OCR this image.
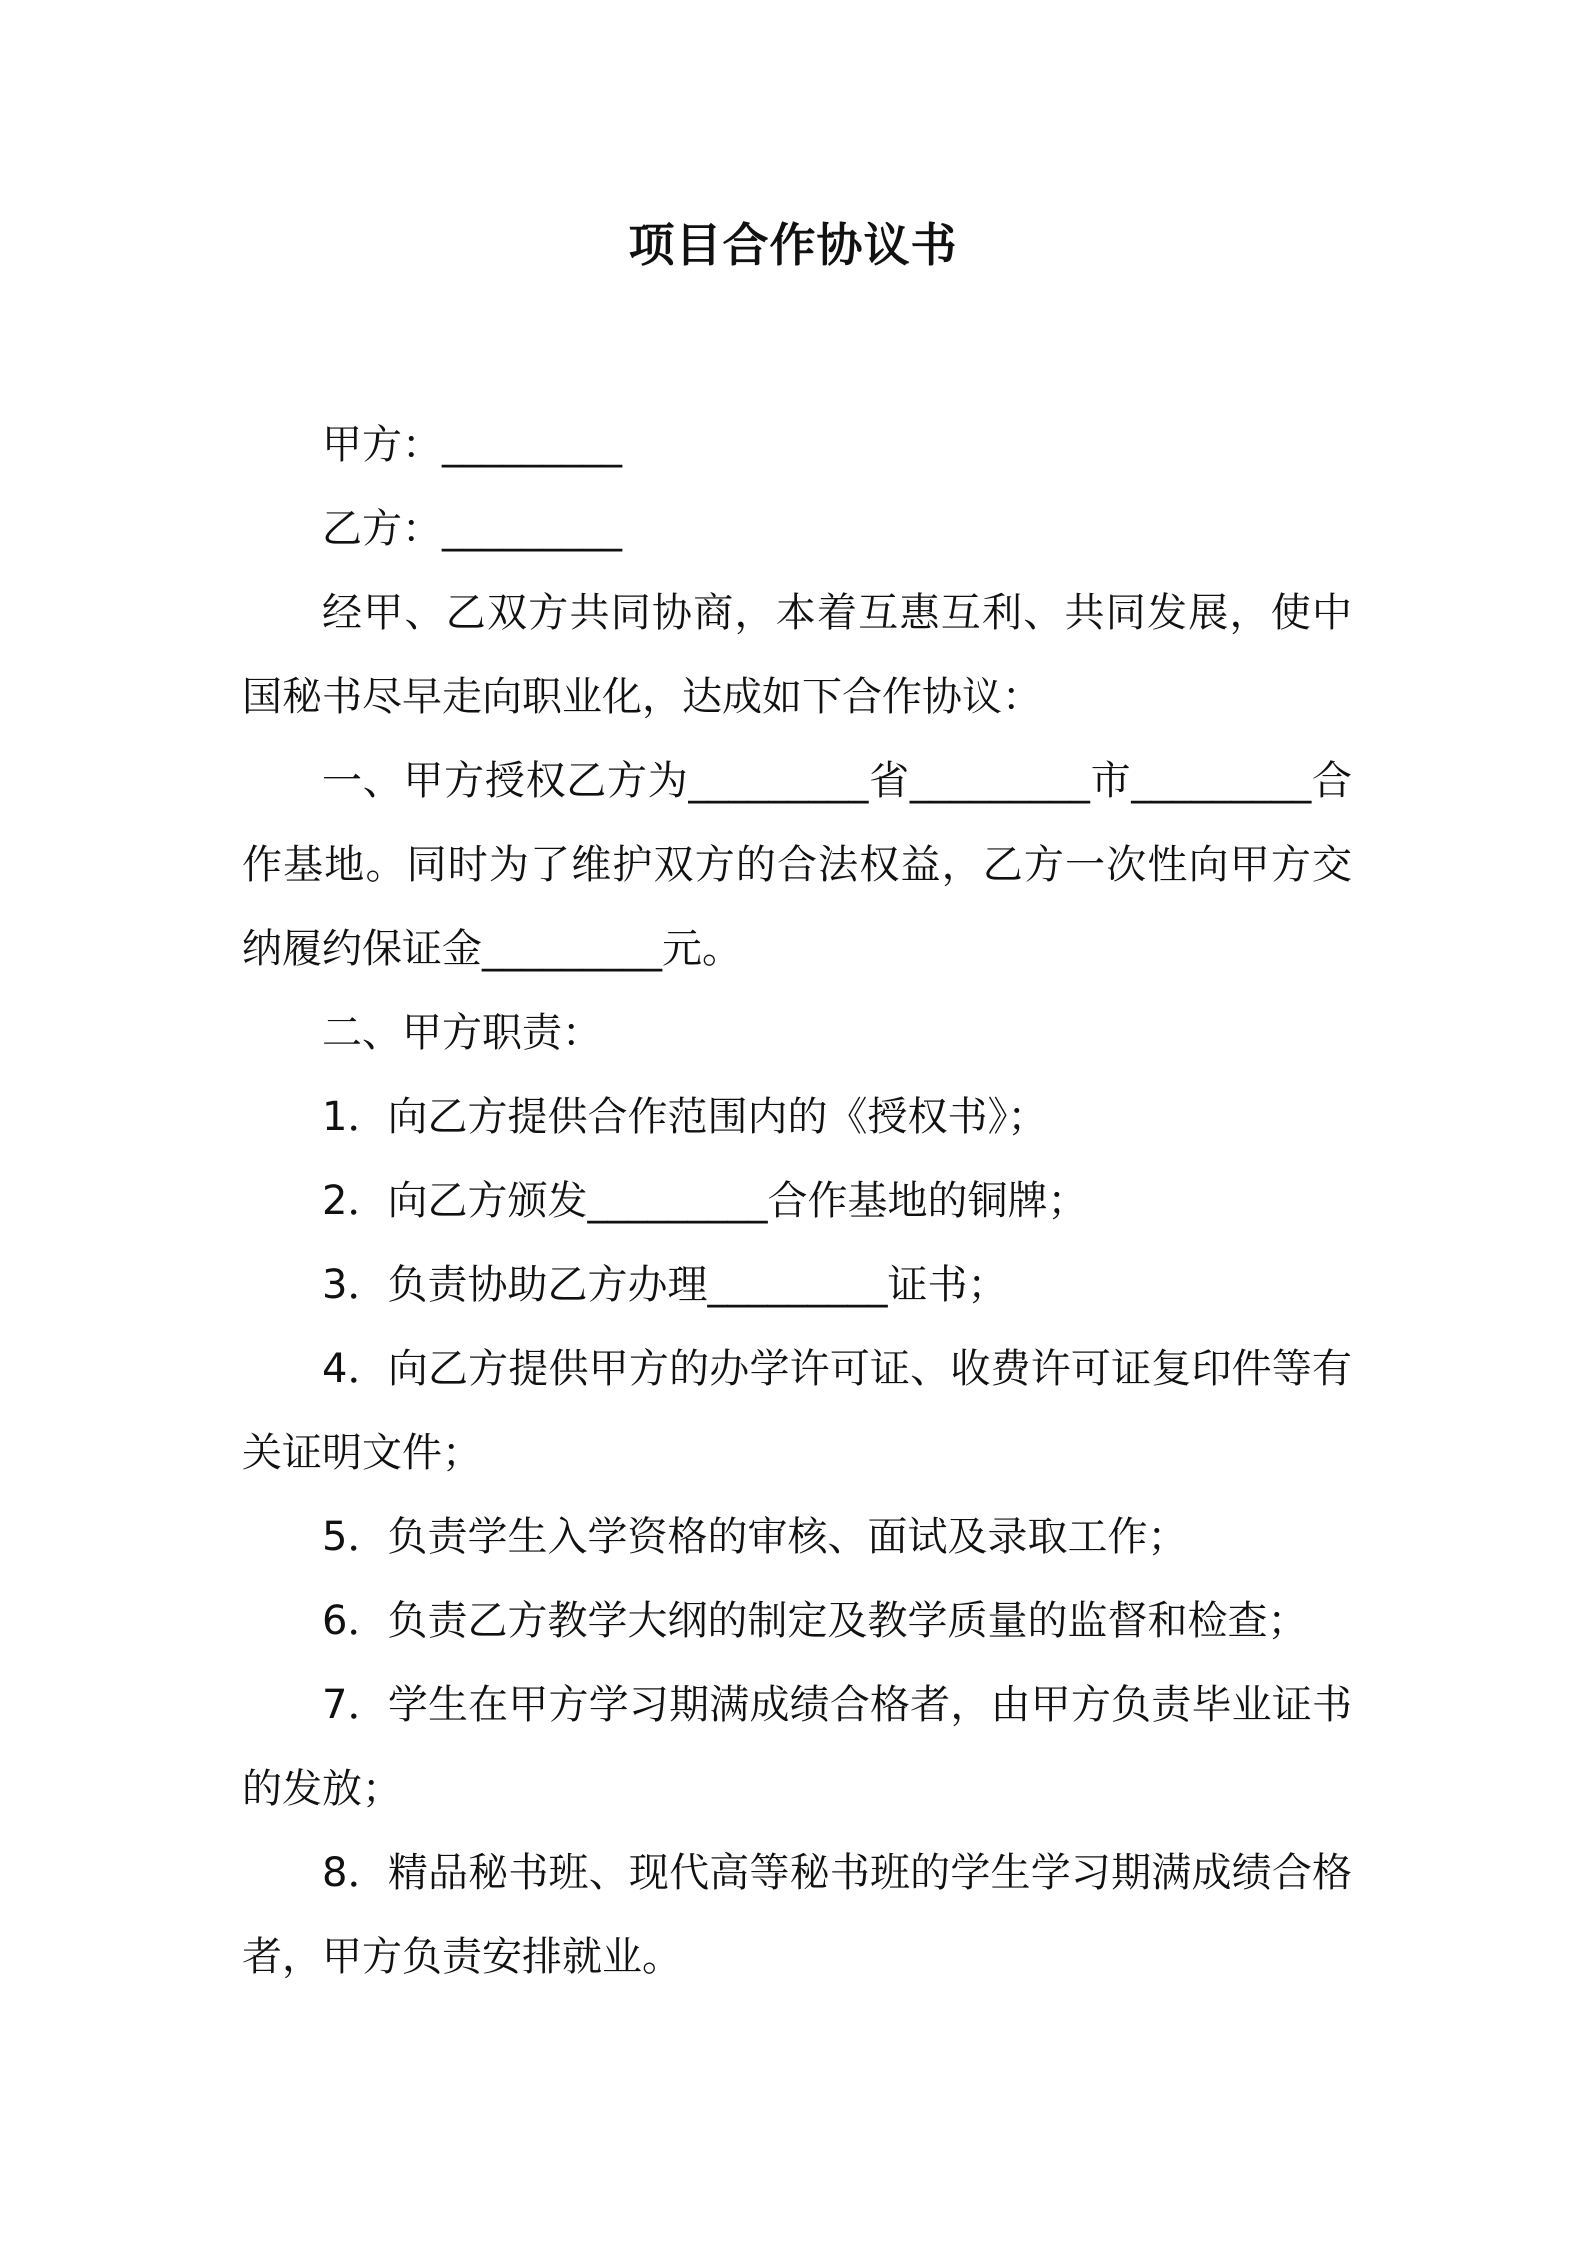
项目合作协议书

甲方：_________

乙方：_________

经甲、乙双方共同协商，本着互惠互利、共同发展，使中国秘书尽早走向职业化，达成如下合作协议：

一、甲方授权乙方为_________省_________市_________合作基地。同时为了维护双方的合法权益，乙方一次性向甲方交纳履约保证金_________元。

二、甲方职责：

1．向乙方提供合作范围内的《授权书》；

2．向乙方颁发_________合作基地的铜牌；

3．负责协助乙方办理_________证书；

4．向乙方提供甲方的办学许可证、收费许可证复印件等有关证明文件；

5．负责学生入学资格的审核、面试及录取工作；

6．负责乙方教学大纲的制定及教学质量的监督和检查；

7．学生在甲方学习期满成绩合格者，由甲方负责毕业证书的发放；

8．精品秘书班、现代高等秘书班的学生学习期满成绩合格者，甲方负责安排就业。
